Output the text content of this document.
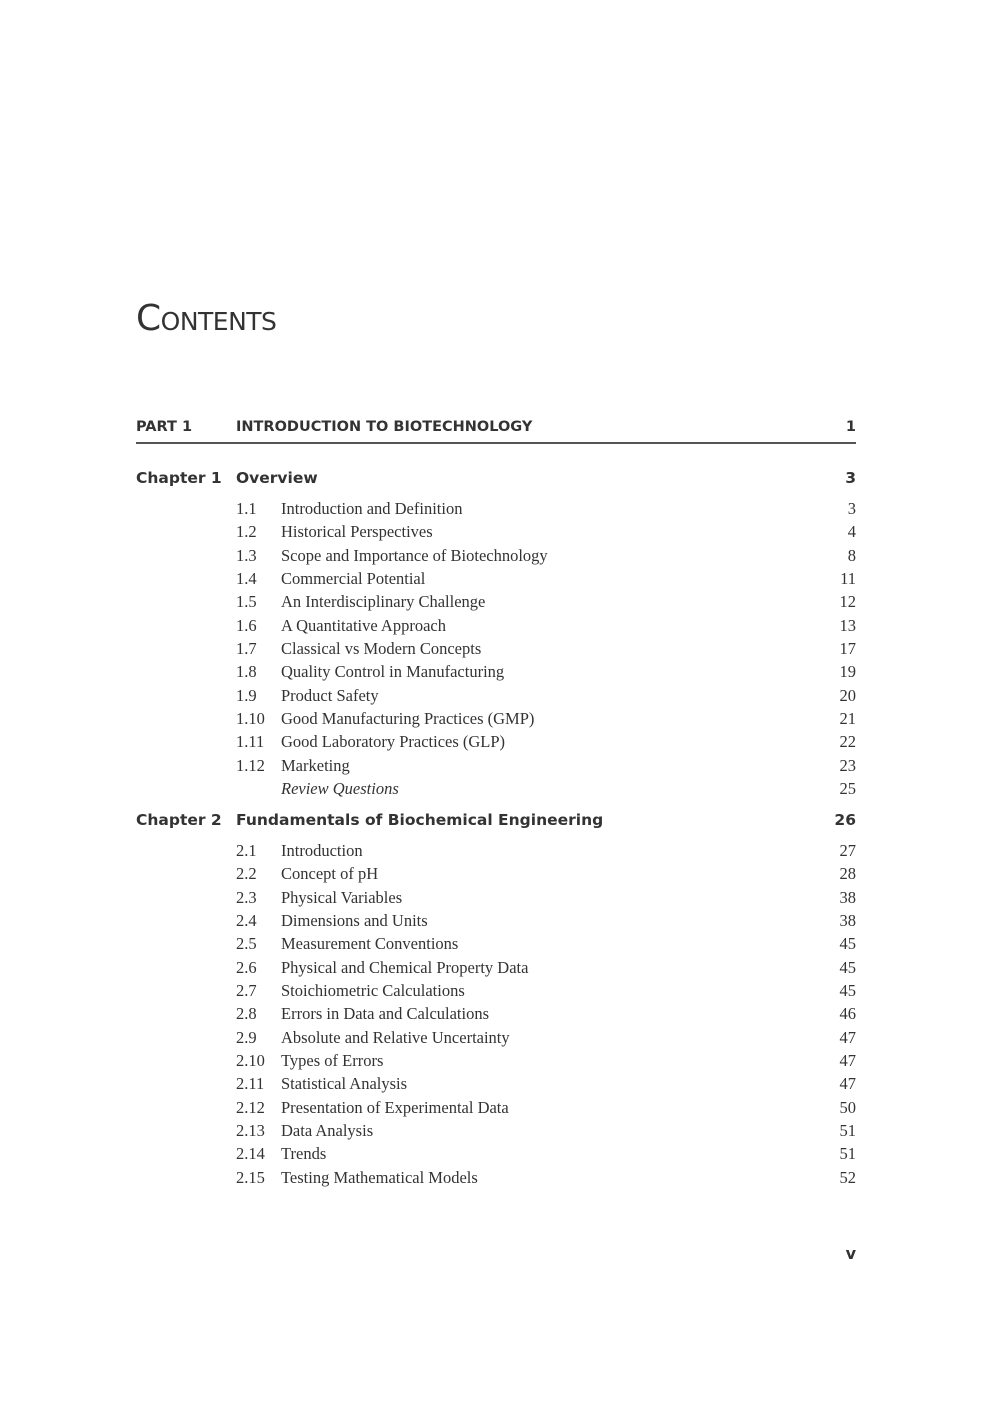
Contents
PART 1	INTRODUCTION TO BIOTECHNOLOGY	1
Chapter 1 Overview	3
1.1 Introduction and Definition	3
1.2 Historical Perspectives	4
1.3 Scope and Importance of Biotechnology	8
1.4 Commercial Potential	11
1.5 An Interdisciplinary Challenge	12
1.6 A Quantitative Approach	13
1.7 Classical vs Modern Concepts	17
1.8 Quality Control in Manufacturing	19
1.9 Product Safety	20
1.10 Good Manufacturing Practices (GMP)	21
1.11 Good Laboratory Practices (GLP)	22
1.12 Marketing	23
Review Questions	25
Chapter 2 Fundamentals of Biochemical Engineering	26
2.1 Introduction	27
2.2 Concept of pH	28
2.3 Physical Variables	38
2.4 Dimensions and Units	38
2.5 Measurement Conventions	45
2.6 Physical and Chemical Property Data	45
2.7 Stoichiometric Calculations	45
2.8 Errors in Data and Calculations	46
2.9 Absolute and Relative Uncertainty	47
2.10 Types of Errors	47
2.11 Statistical Analysis	47
2.12 Presentation of Experimental Data	50
2.13 Data Analysis	51
2.14 Trends	51
2.15 Testing Mathematical Models	52
v
